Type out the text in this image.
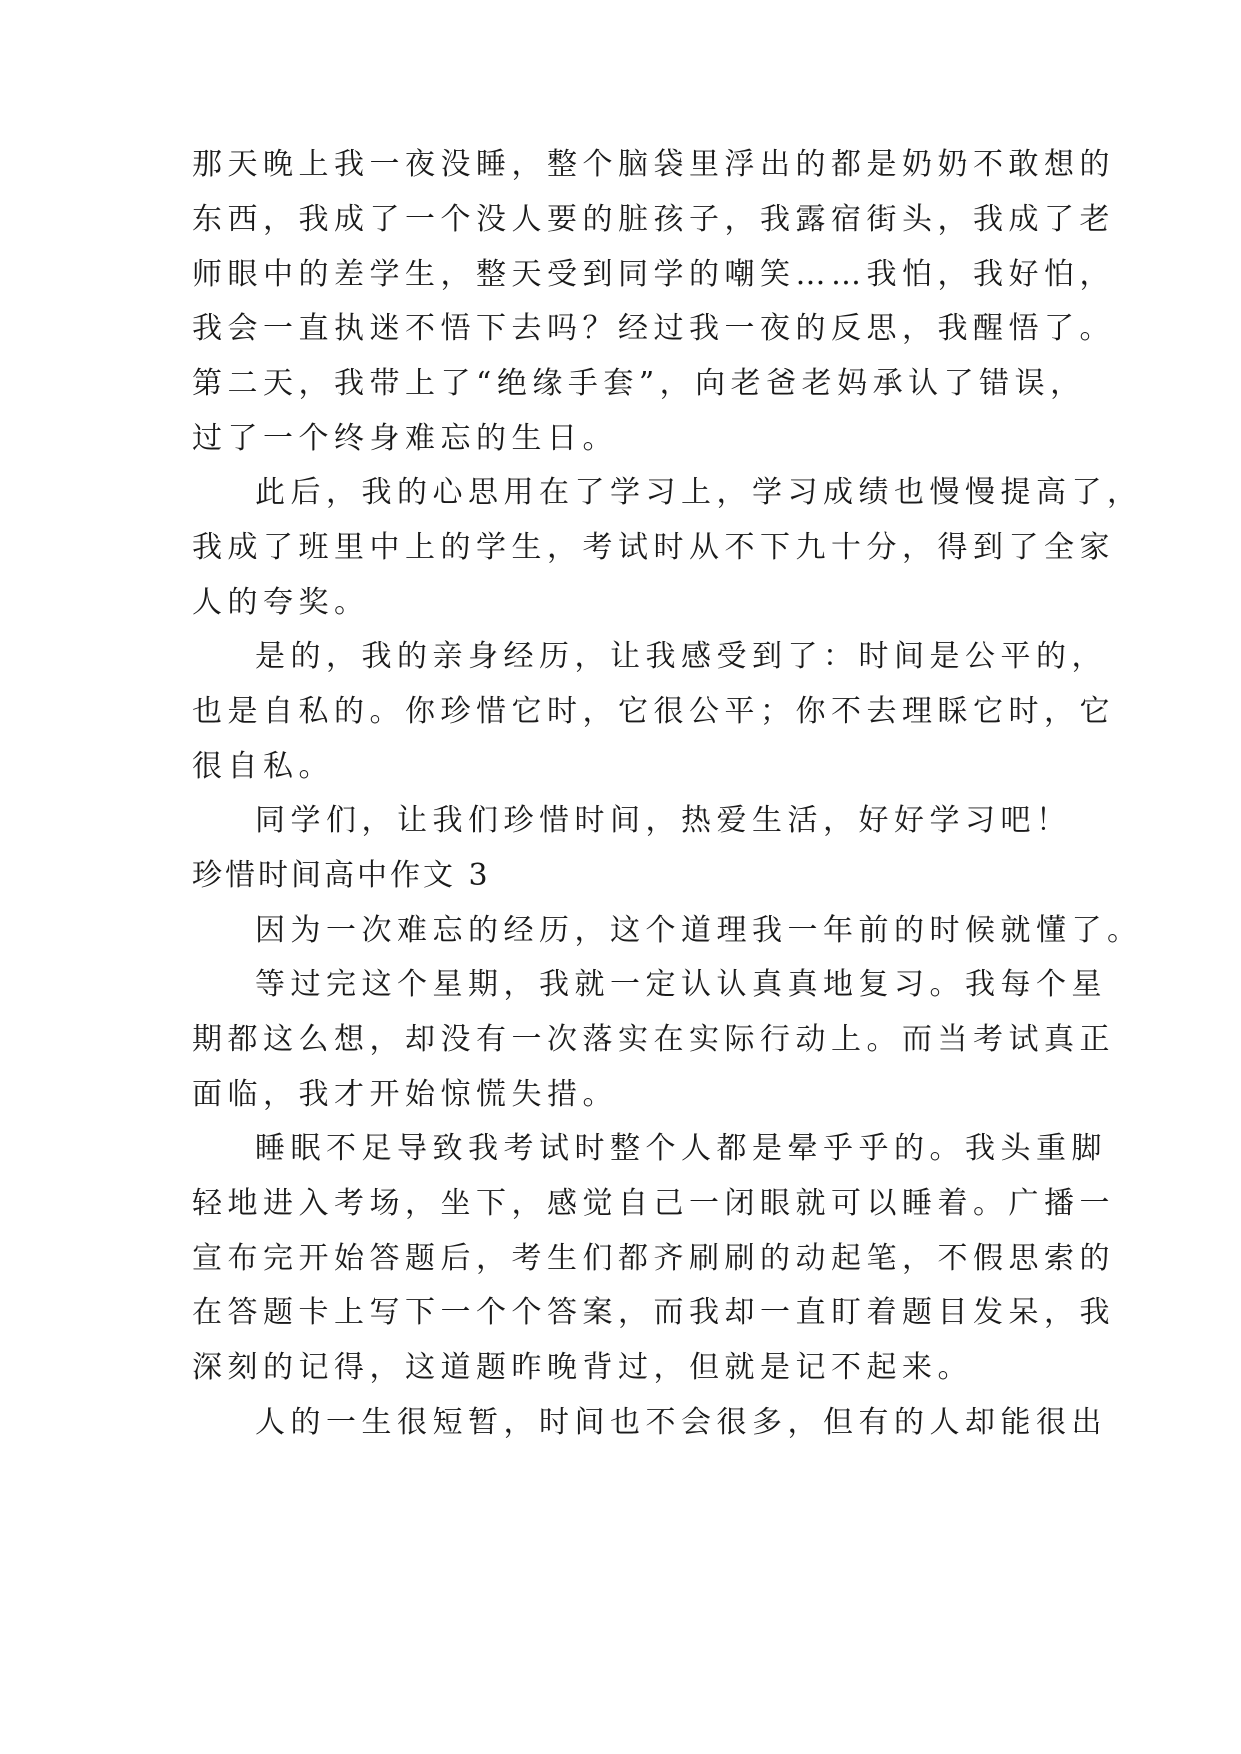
那天晚上我一夜没睡，整个脑袋里浮出的都是奶奶不敢想的

东西，我成了一个没人要的脏孩子，我露宿街头，我成了老

师眼中的差学生，整天受到同学的嘲笑……我怕，我好怕，

我会一直执迷不悟下去吗？经过我一夜的反思，我醒悟了。

第二天，我带上了“绝缘手套”，向老爸老妈承认了错误，

过了一个终身难忘的生日。

此后，我的心思用在了学习上，学习成绩也慢慢提高了，

我成了班里中上的学生，考试时从不下九十分，得到了全家

人的夸奖。

是的，我的亲身经历，让我感受到了：时间是公平的，

也是自私的。你珍惜它时，它很公平；你不去理睬它时，它

很自私。

同学们，让我们珍惜时间，热爱生活，好好学习吧！

珍惜时间高中作文 3

因为一次难忘的经历，这个道理我一年前的时候就懂了。

等过完这个星期，我就一定认认真真地复习。我每个星

期都这么想，却没有一次落实在实际行动上。而当考试真正

面临，我才开始惊慌失措。

睡眠不足导致我考试时整个人都是晕乎乎的。我头重脚

轻地进入考场，坐下，感觉自己一闭眼就可以睡着。广播一

宣布完开始答题后，考生们都齐刷刷的动起笔，不假思索的

在答题卡上写下一个个答案，而我却一直盯着题目发呆，我

深刻的记得，这道题昨晚背过，但就是记不起来。

人的一生很短暂，时间也不会很多，但有的人却能很出
